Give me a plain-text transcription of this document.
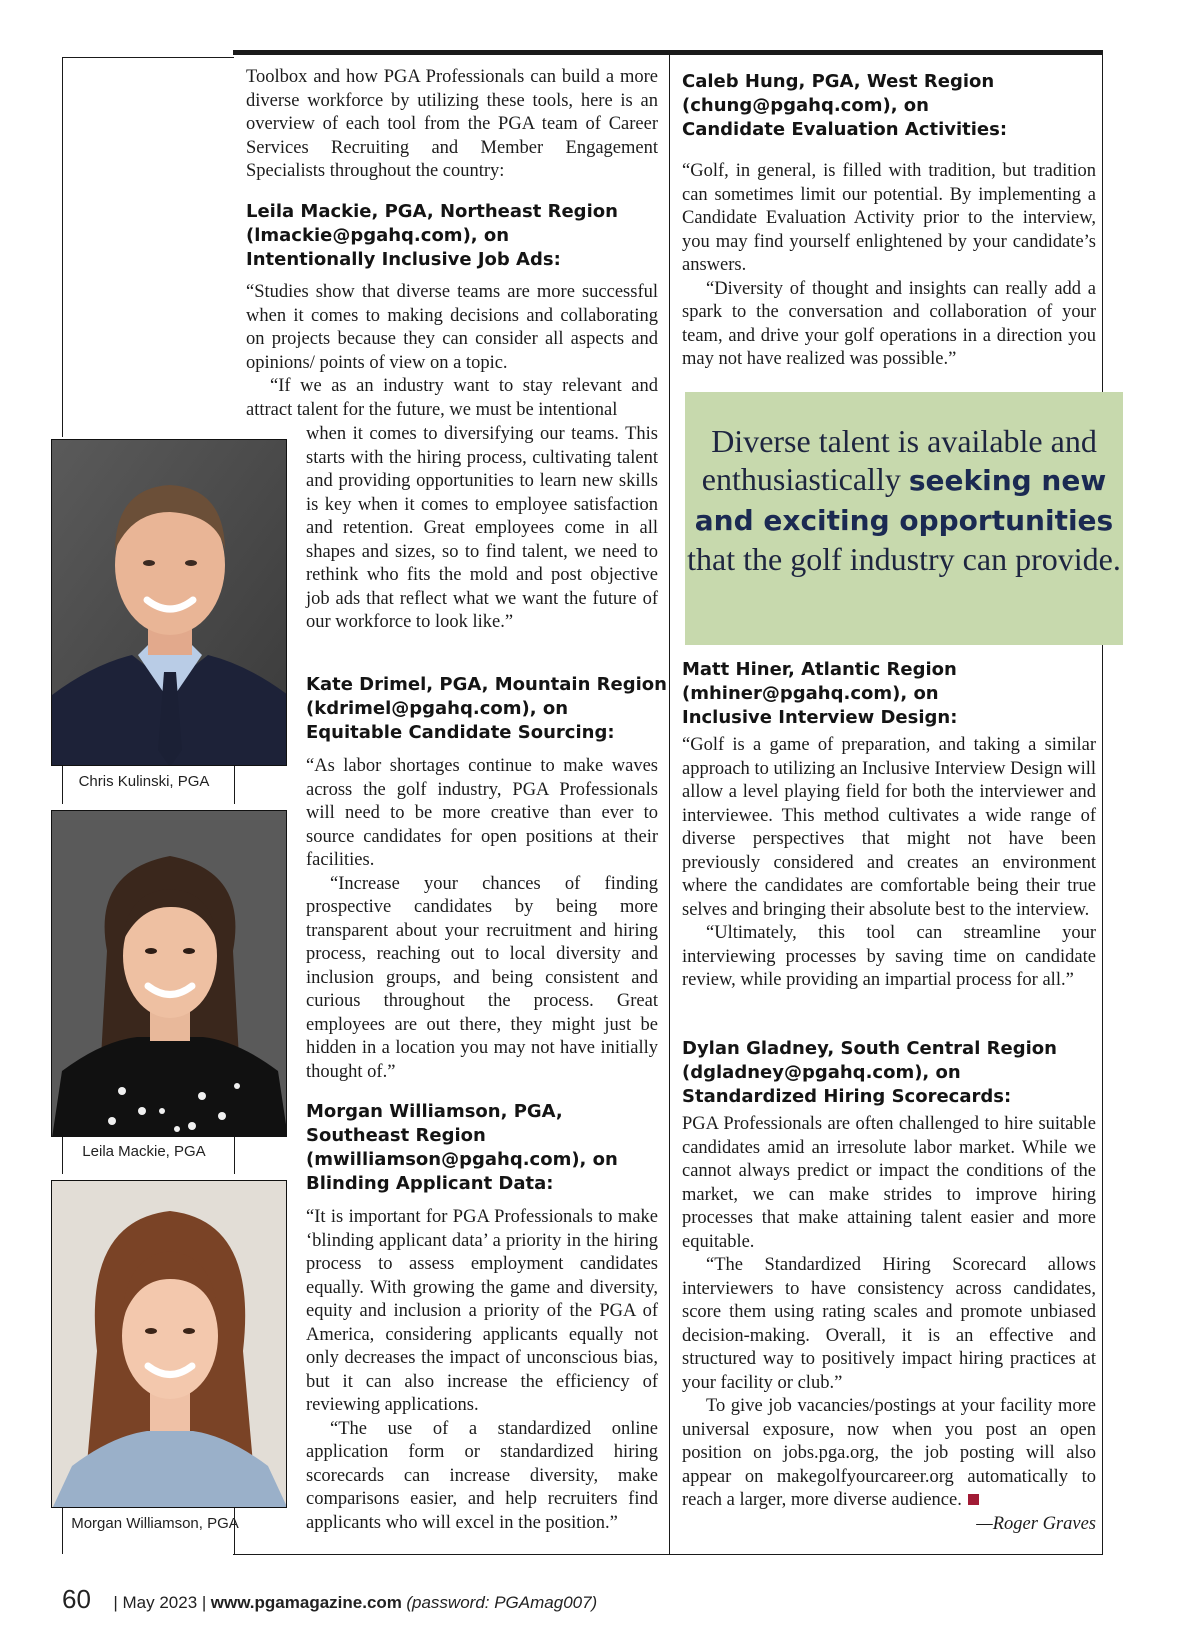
Toolbox and how PGA Professionals can build a more diverse workforce by utilizing these tools, here is an overview of each tool from the PGA team of Career Services Recruiting and Member Engagement Specialists throughout the country:

Leila Mackie, PGA, Northeast Region
(lmackie@pgahq.com), on
Intentionally Inclusive Job Ads:

“Studies show that diverse teams are more successful when it comes to making decisions and collaborating on projects because they can consider all aspects and opinions/ points of view on a topic.

“If we as an industry want to stay relevant and attract talent for the future, we must be intentional

when it comes to diversifying our teams. This starts with the hiring process, cultivating talent and providing opportunities to learn new skills is key when it comes to employee satisfaction and retention. Great employees come in all shapes and sizes, so to find talent, we need to rethink who fits the mold and post objective job ads that reflect what we want the future of our workforce to look like.”

Kate Drimel, PGA, Mountain Region
(kdrimel@pgahq.com), on
Equitable Candidate Sourcing:

“As labor shortages continue to make waves across the golf industry, PGA Professionals will need to be more creative than ever to source candidates for open positions at their facilities.

“Increase your chances of finding prospective candidates by being more transparent about your recruitment and hiring process, reaching out to local diversity and inclusion groups, and being consistent and curious throughout the process. Great employees are out there, they might just be hidden in a location you may not have initially thought of.”

Morgan Williamson, PGA,
Southeast Region
(mwilliamson@pgahq.com), on
Blinding Applicant Data:

“It is important for PGA Professionals to make ‘blinding applicant data’ a priority in the hiring process to assess employment candidates equally. With growing the game and diversity, equity and inclusion a priority of the PGA of America, considering applicants equally not only decreases the impact of unconscious bias, but it can also increase the efficiency of reviewing applications.

“The use of a standardized online application form or standardized hiring scorecards can increase diversity, make comparisons easier, and help recruiters find applicants who will excel in the position.”

Chris Kulinski, PGA
Leila Mackie, PGA
Morgan Williamson, PGA
Caleb Hung, PGA, West Region
(chung@pgahq.com), on
Candidate Evaluation Activities:

“Golf, in general, is filled with tradition, but tradition can sometimes limit our potential. By implementing a Candidate Evaluation Activity prior to the interview, you may find yourself enlightened by your candidate’s answers.

“Diversity of thought and insights can really add a spark to the conversation and collaboration of your team, and drive your golf operations in a direction you may not have realized was possible.”

Diverse talent is available and enthusiastically seeking new and exciting opportunities that the golf industry can provide.
Matt Hiner, Atlantic Region
(mhiner@pgahq.com), on
Inclusive Interview Design:

“Golf is a game of preparation, and taking a similar approach to utilizing an Inclusive Interview Design will allow a level playing field for both the interviewer and interviewee. This method cultivates a wide range of diverse perspectives that might not have been previously considered and creates an environment where the candidates are comfortable being their true selves and bringing their absolute best to the interview.

“Ultimately, this tool can streamline your interviewing processes by saving time on candidate review, while providing an impartial process for all.”

Dylan Gladney, South Central Region
(dgladney@pgahq.com), on
Standardized Hiring Scorecards:

PGA Professionals are often challenged to hire suitable candidates amid an irresolute labor market. While we cannot always predict or impact the conditions of the market, we can make strides to improve hiring processes that make attaining talent easier and more equitable.

“The Standardized Hiring Scorecard allows interviewers to have consistency across candidates, score them using rating scales and promote unbiased decision-making. Overall, it is an effective and structured way to positively impact hiring practices at your facility or club.”

To give job vacancies/postings at your facility more universal exposure, now when you post an open position on jobs.pga.org, the job posting will also appear on makegolfyourcareer.org automatically to reach a larger, more diverse audience.

—Roger Graves

60 | May 2023 | www.pgamagazine.com (password: PGAmag007)
